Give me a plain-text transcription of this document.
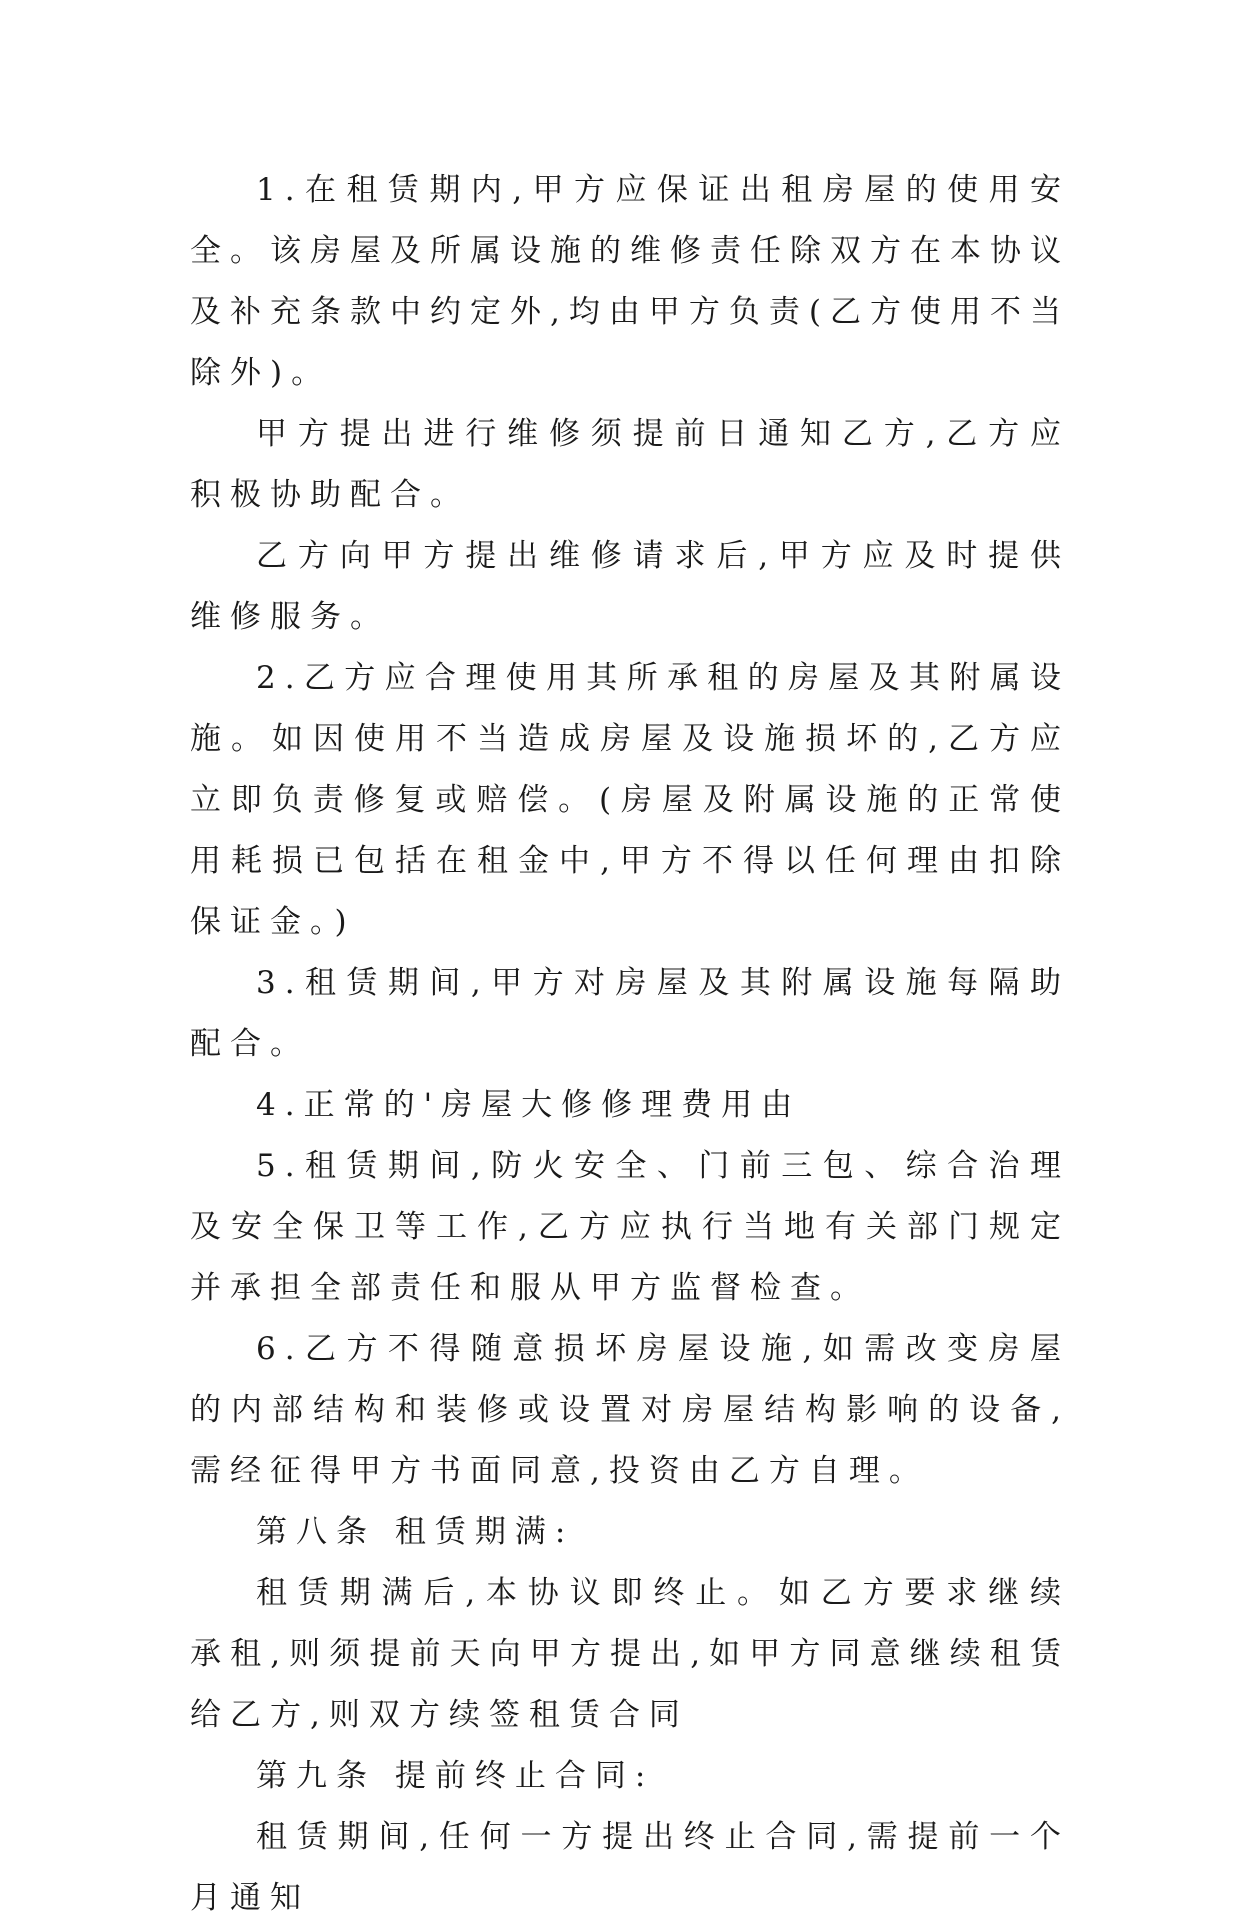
1.在租赁期内,甲方应保证出租房屋的使用安全。该房屋及所属设施的维修责任除双方在本协议及补充条款中约定外,均由甲方负责(乙方使用不当除外)。

甲方提出进行维修须提前日通知乙方,乙方应积极协助配合。

乙方向甲方提出维修请求后,甲方应及时提供维修服务。

2.乙方应合理使用其所承租的房屋及其附属设施。如因使用不当造成房屋及设施损坏的,乙方应立即负责修复或赔偿。(房屋及附属设施的正常使用耗损已包括在租金中,甲方不得以任何理由扣除保证金。)

3.租赁期间,甲方对房屋及其附属设施每隔助配合。

4.正常的'房屋大修修理费用由

5.租赁期间,防火安全、门前三包、综合治理及安全保卫等工作,乙方应执行当地有关部门规定并承担全部责任和服从甲方监督检查。

6.乙方不得随意损坏房屋设施,如需改变房屋的内部结构和装修或设置对房屋结构影响的设备,需经征得甲方书面同意,投资由乙方自理。

第八条 租赁期满:

租赁期满后,本协议即终止。如乙方要求继续承租,则须提前天向甲方提出,如甲方同意继续租赁给乙方,则双方续签租赁合同

第九条 提前终止合同:

租赁期间,任何一方提出终止合同,需提前一个月通知
